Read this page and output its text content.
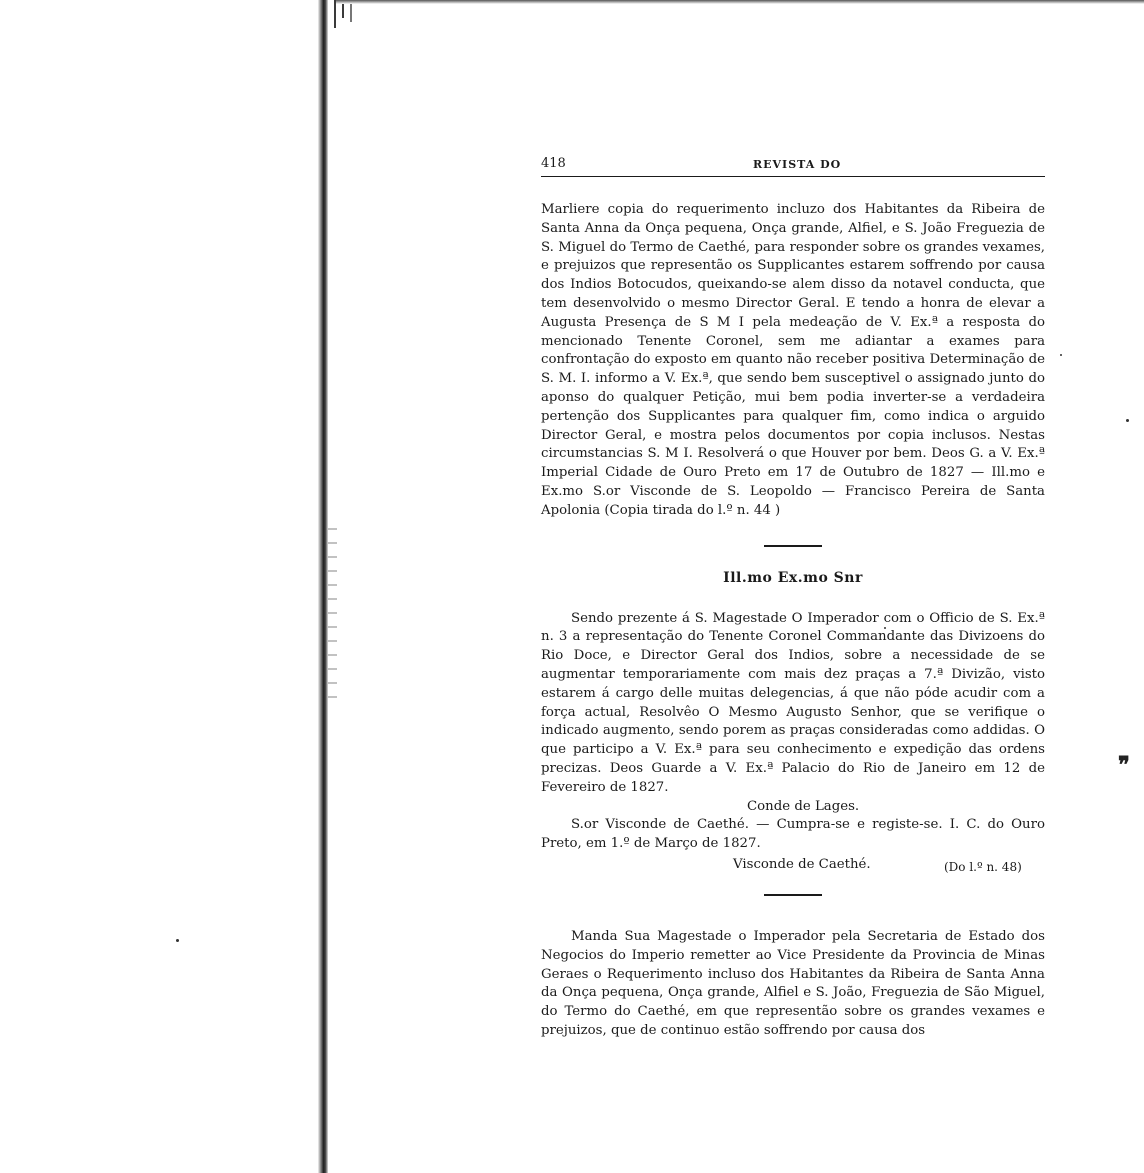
❞
418	REVISTA DO

Marliere copia do requerimento incluzo dos Habitantes da Ribeira de Santa Anna da Onça pequena, Onça grande, Alfiel, e S. João Freguezia de S. Miguel do Termo de Caethé, para responder sobre os grandes vexames, e prejuizos que representão os Supplicantes estarem soffrendo por causa dos Indios Botocudos, queixando-se alem disso da notavel conducta, que tem desenvolvido o mesmo Director Geral. E tendo a honra de elevar a Augusta Presença de S M I pela medeação de V. Ex.ª a resposta do mencionado Tenente Coronel, sem me adiantar a exames para confrontação do exposto em quanto não receber positiva Determinação de S. M. I. informo a V. Ex.ª, que sendo bem susceptivel o assignado junto do aponso do qualquer Petição, mui bem podia inverter-se a verdadeira pertenção dos Supplicantes para qualquer fim, como indica o arguido Director Geral, e mostra pelos documentos por copia inclusos. Nestas circumstancias S. M I. Resolverá o que Houver por bem. Deos G. a V. Ex.ª Imperial Cidade de Ouro Preto em 17 de Outubro de 1827 — Ill.mo e Ex.mo S.or Visconde de S. Leopoldo — Francisco Pereira de Santa Apolonia (Copia tirada do l.º n. 44 )

Ill.mo Ex.mo Snr

Sendo prezente á S. Magestade O Imperador com o Officio de S. Ex.ª n. 3 a representação do Tenente Coronel Commandante das Divizoens do Rio Doce, e Director Geral dos Indios, sobre a necessidade de se augmentar temporariamente com mais dez praças a 7.ª Divizão, visto estarem á cargo delle muitas delegencias, á que não póde acudir com a força actual, Resolvêo O Mesmo Augusto Senhor, que se verifique o indicado augmento, sendo porem as praças consideradas como addidas. O que participo a V. Ex.ª para seu conhecimento e expedição das ordens precizas. Deos Guarde a V. Ex.ª Palacio do Rio de Janeiro em 12 de Fevereiro de 1827.

Conde de Lages.
S.or Visconde de Caethé. — Cumpra-se e registe-se. I. C. do Ouro Preto, em 1.º de Março de 1827.
Visconde de Caethé.	(Do l.º n. 48)

Manda Sua Magestade o Imperador pela Secretaria de Estado dos Negocios do Imperio remetter ao Vice Presidente da Provincia de Minas Geraes o Requerimento incluso dos Habitantes da Ribeira de Santa Anna da Onça pequena, Onça grande, Alfiel e S. João, Freguezia de São Miguel, do Termo do Caethé, em que representão sobre os grandes vexames e prejuizos, que de continuo estão soffrendo por causa dos
